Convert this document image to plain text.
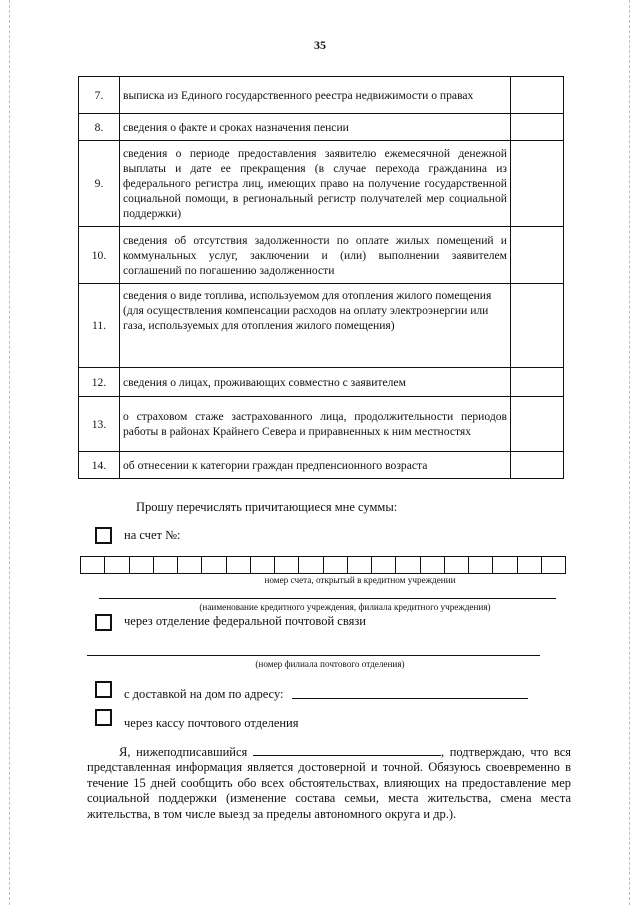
35
7.	выписка из Единого государственного реестра недвижимости о правах	
8.	сведения о факте и сроках назначения пенсии	
9.	сведения о периоде предоставления заявителю ежемесячной денежной выплаты и дате ее прекращения (в случае перехода гражданина из федерального регистра лиц, имеющих право на получение государственной социальной помощи, в региональный регистр получателей мер социальной поддержки)	
10.	сведения об отсутствия задолженности по оплате жилых помещений и коммунальных услуг, заключении и (или) выполнении заявителем соглашений по погашению задолженности	
11.	сведения о виде топлива, используемом для отопления жилого помещения (для осуществления компенсации расходов на оплату электроэнергии или газа, используемых для отопления жилого помещения)	
12.	сведения о лицах, проживающих совместно с заявителем	
13.	о страховом стаже застрахованного лица, продолжительности периодов работы в районах Крайнего Севера и приравненных к ним местностях	
14.	об отнесении к категории граждан предпенсионного возраста	
Прошу перечислять причитающиеся мне суммы:
на счет №:
номер счета, открытый в кредитном учреждении
(наименование кредитного учреждения, филиала кредитного учреждения)
через отделение федеральной почтовой связи
(номер филиала почтового отделения)
с доставкой на дом по адресу:
через кассу почтового отделения
Я, нижеподписавшийся	, подтверждаю, что вся представленная информация является достоверной и точной. Обязуюсь своевременно в течение 15 дней сообщить обо всех обстоятельствах, влияющих на предоставление мер социальной поддержки (изменение состава семьи, места жительства, смена места жительства, в том числе выезд за пределы автономного округа и др.).
